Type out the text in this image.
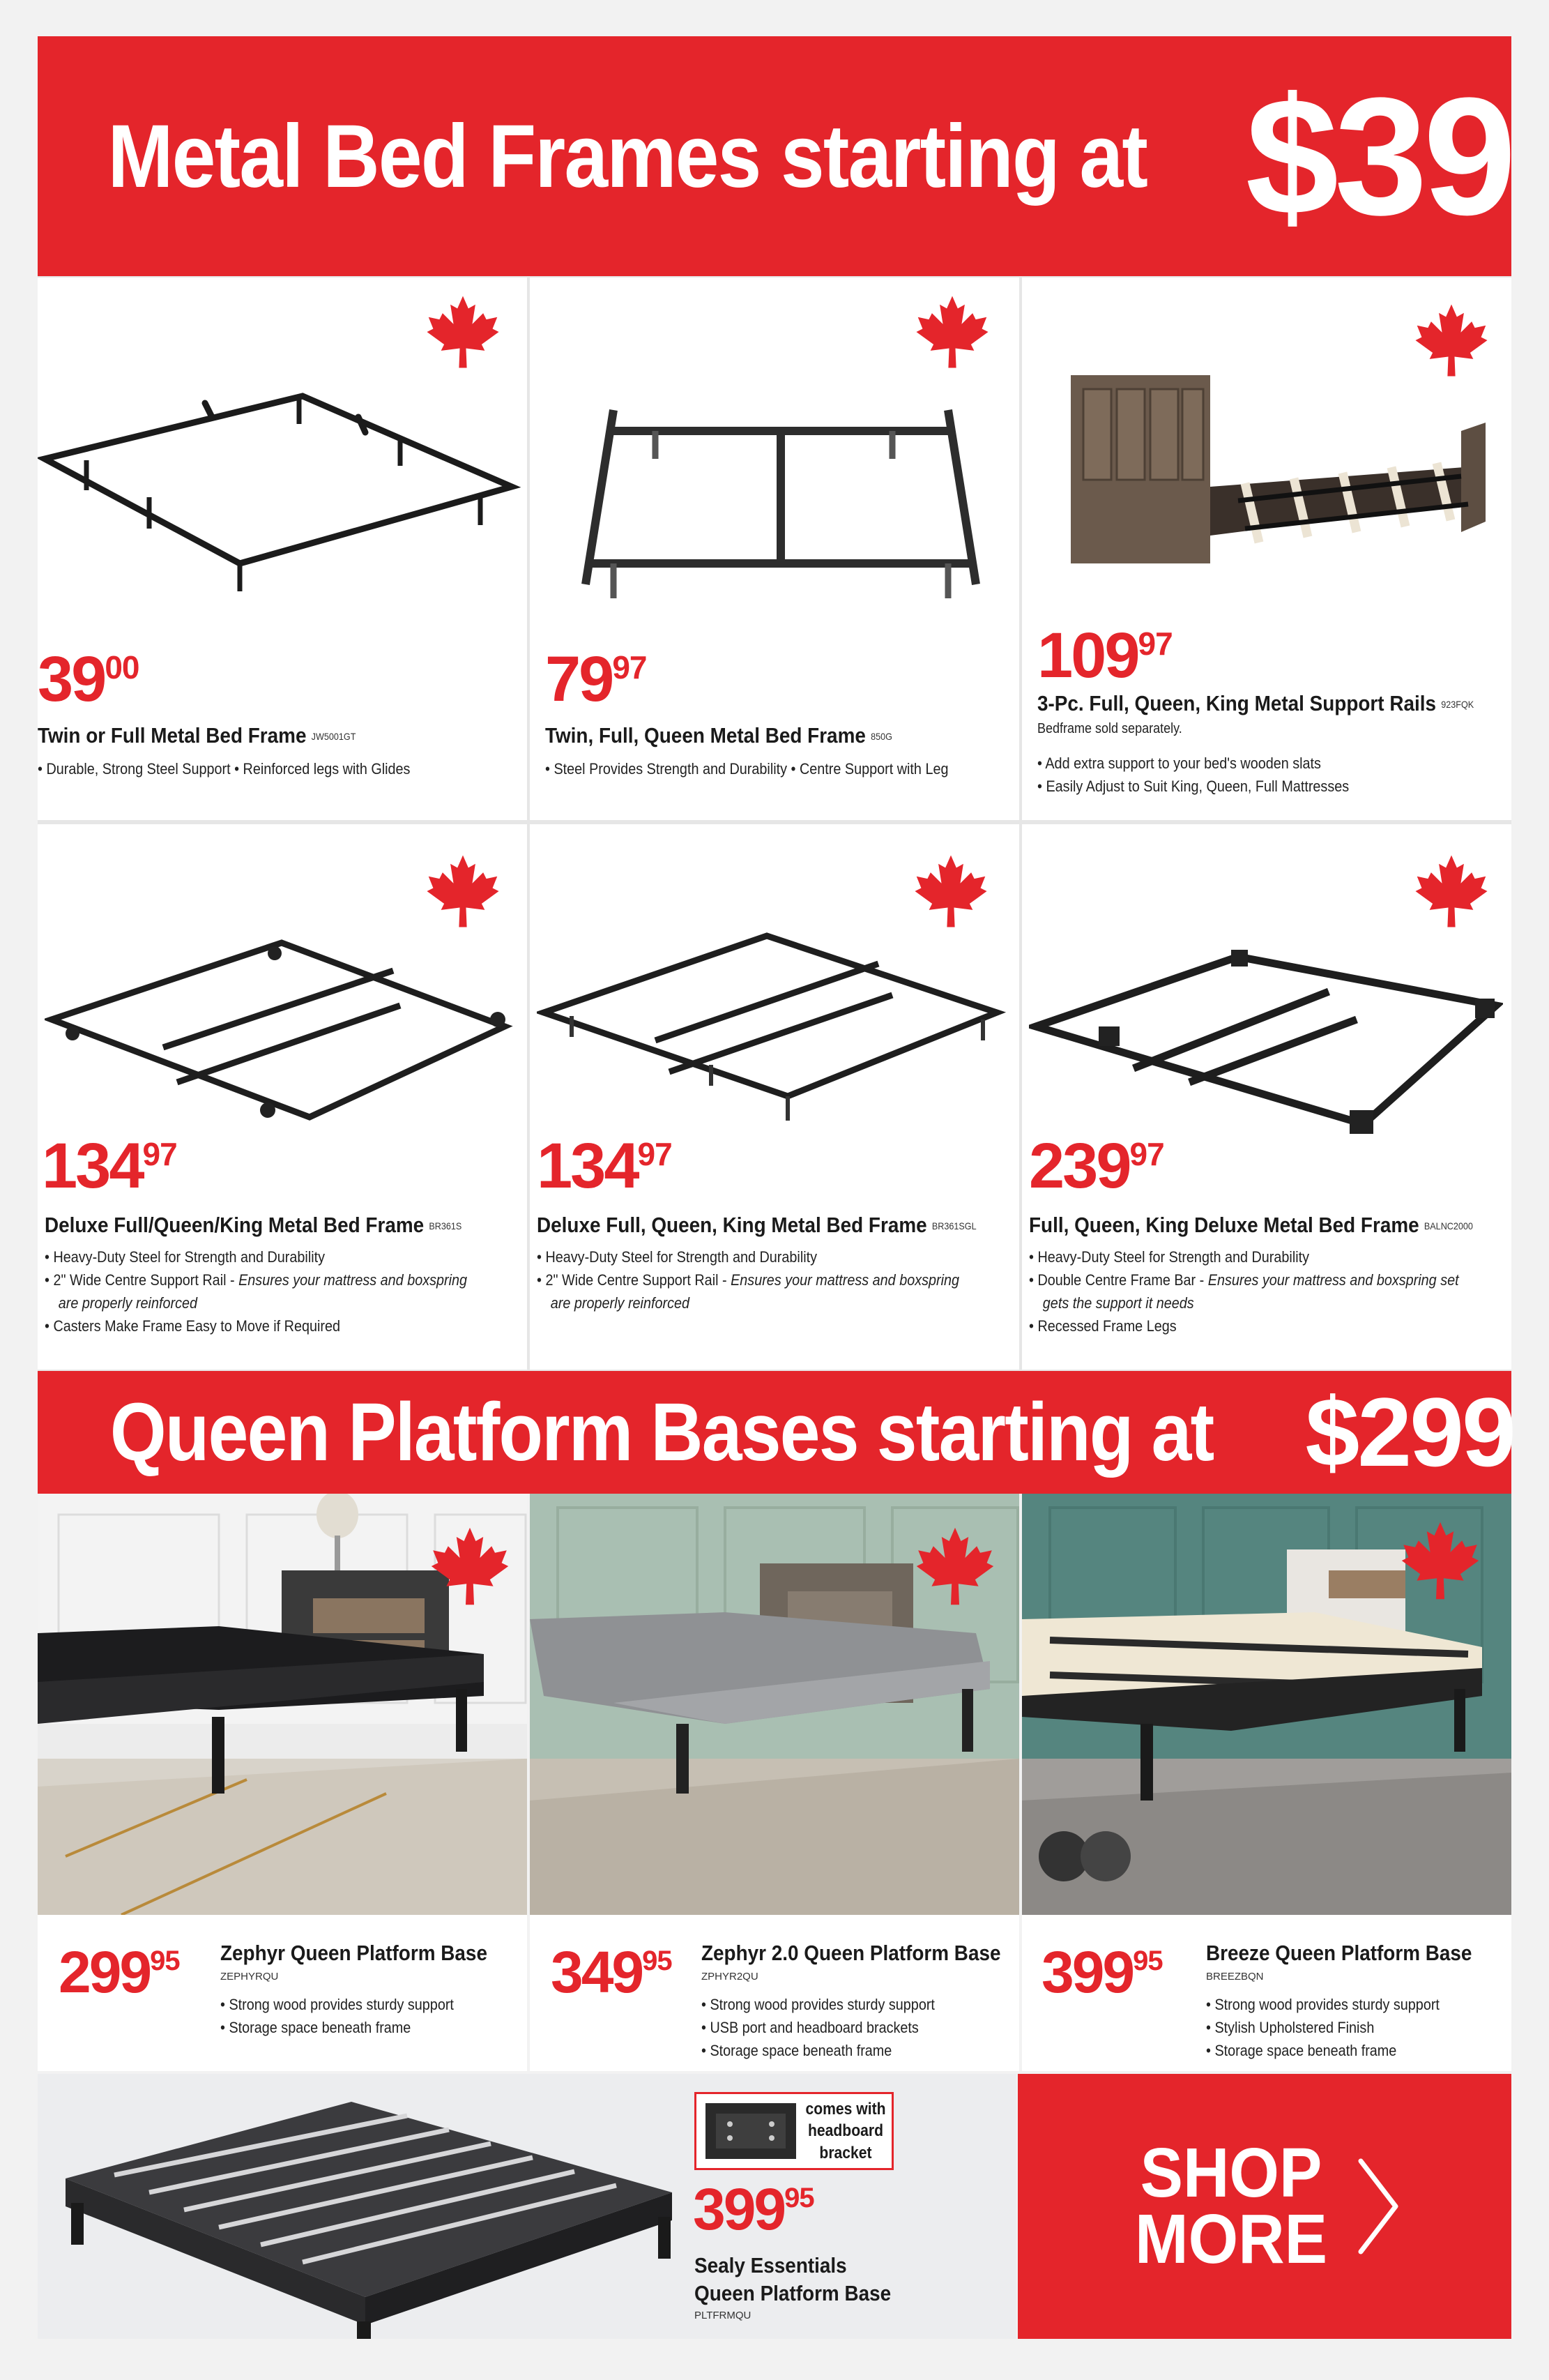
Metal Bed Frames starting at $39
$39^{00}$
Twin or Full Metal Bed Frame JW5001GT
• Durable, Strong Steel Support • Reinforced legs with Glides
$79^{97}$
Twin, Full, Queen Metal Bed Frame 850G
• Steel Provides Strength and Durability • Centre Support with Leg
$109^{97}$
3-Pc. Full, Queen, King Metal Support Rails 923FQK
Bedframe sold separately.
• Add extra support to your bed's wooden slats
• Easily Adjust to Suit King, Queen, Full Mattresses
$134^{97}$
Deluxe Full/Queen/King Metal Bed Frame BR361S
• Heavy-Duty Steel for Strength and Durability
• 2" Wide Centre Support Rail - Ensures your mattress and boxspring
are properly reinforced
• Casters Make Frame Easy to Move if Required
$134^{97}$
Deluxe Full, Queen, King Metal Bed Frame BR361SGL
• Heavy-Duty Steel for Strength and Durability
• 2" Wide Centre Support Rail - Ensures your mattress and boxspring
are properly reinforced
$239^{97}$
Full, Queen, King Deluxe Metal Bed Frame BALNC2000
• Heavy-Duty Steel for Strength and Durability
• Double Centre Frame Bar - Ensures your mattress and boxspring set
gets the support it needs
• Recessed Frame Legs
Queen Platform Bases starting at $299
$299^{95}$ Zephyr Queen Platform Base
ZEPHYRQU
• Strong wood provides sturdy support
• Storage space beneath frame
$349^{95}$ Zephyr 2.0 Queen Platform Base
ZPHYR2QU
• Strong wood provides sturdy support
• USB port and headboard brackets
• Storage space beneath frame
$399^{95}$ Breeze Queen Platform Base
BREEZBQN
• Strong wood provides sturdy support
• Stylish Upholstered Finish
• Storage space beneath frame
$399^{95}$
Sealy Essentials
Queen Platform Base
PLTFRMQU
comes with
headboard
bracket	SHOP
MORE
